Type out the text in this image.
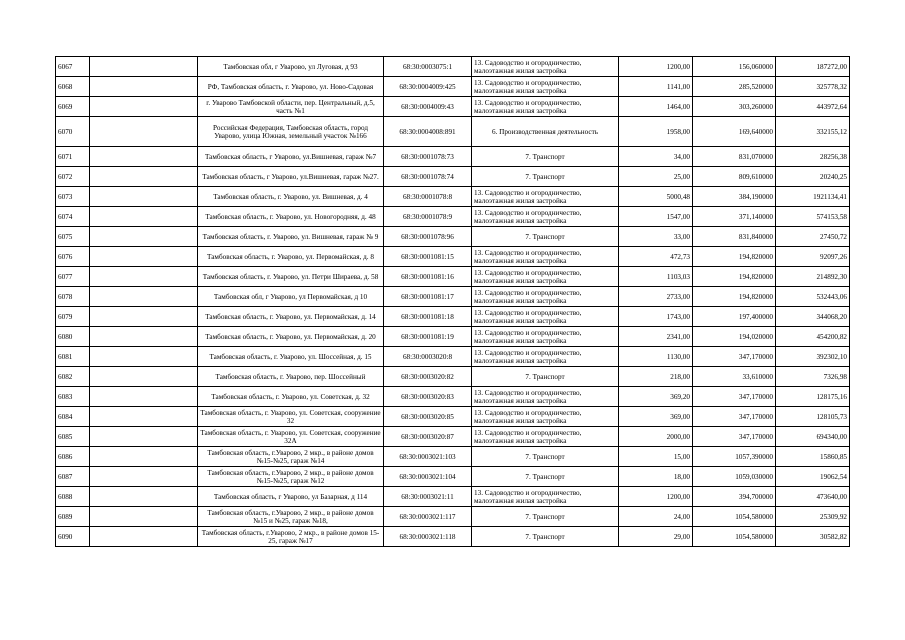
6067		Тамбовская обл, г Уварово, ул Луговая, д 93	68:30:0003075:1	13. Садоводство и огородничество, малоэтажная жилая застройка	1200,00	156,060000	187272,00
6068		РФ, Тамбовская область, г. Уварово, ул. Ново-Садовая	68:30:0004009:425	13. Садоводство и огородничество, малоэтажная жилая застройка	1141,00	285,520000	325778,32
6069		г. Уварово Тамбовской области, пер. Центральный, д.5, часть №1	68:30:0004009:43	13. Садоводство и огородничество, малоэтажная жилая застройка	1464,00	303,260000	443972,64
6070		Российская Федерация, Тамбовская область, город Уварово, улица Южная, земельный участок №166	68:30:0004008:891	6. Производственная деятельность	1958,00	169,640000	332155,12
6071		Тамбовская область, г Уварово, ул.Вишневая, гараж №7	68:30:0001078:73	7. Транспорт	34,00	831,070000	28256,38
6072		Тамбовская область, г Уварово, ул.Вишневая, гараж №27.	68:30:0001078:74	7. Транспорт	25,00	809,610000	20240,25
6073		Тамбовская область, г. Уварово, ул. Вишневая, д. 4	68:30:0001078:8	13. Садоводство и огородничество, малоэтажная жилая застройка	5000,48	384,190000	1921134,41
6074		Тамбовская область, г. Уварово, ул. Новогородняя, д. 48	68:30:0001078:9	13. Садоводство и огородничество, малоэтажная жилая застройка	1547,00	371,140000	574153,58
6075		Тамбовская область, г. Уварово, ул. Вишневая, гараж № 9	68:30:0001078:96	7. Транспорт	33,00	831,840000	27450,72
6076		Тамбовская область, г. Уварово, ул. Первомайская, д. 8	68:30:0001081:15	13. Садоводство и огородничество, малоэтажная жилая застройка	472,73	194,820000	92097,26
6077		Тамбовская область, г. Уварово, ул. Петри Шираева, д. 58	68:30:0001081:16	13. Садоводство и огородничество, малоэтажная жилая застройка	1103,03	194,820000	214892,30
6078		Тамбовская обл, г Уварово, ул Первомайская, д 10	68:30:0001081:17	13. Садоводство и огородничество, малоэтажная жилая застройка	2733,00	194,820000	532443,06
6079		Тамбовская область, г. Уварово, ул. Первомайская, д. 14	68:30:0001081:18	13. Садоводство и огородничество, малоэтажная жилая застройка	1743,00	197,400000	344068,20
6080		Тамбовская область, г. Уварово, ул. Первомайская, д. 20	68:30:0001081:19	13. Садоводство и огородничество, малоэтажная жилая застройка	2341,00	194,020000	454200,82
6081		Тамбовская область, г. Уварово, ул. Шоссейная, д. 15	68:30:0003020:8	13. Садоводство и огородничество, малоэтажная жилая застройка	1130,00	347,170000	392302,10
6082		Тамбовская область, г. Уварово, пер. Шоссейный	68:30:0003020:82	7. Транспорт	218,00	33,610000	7326,98
6083		Тамбовская область, г. Уварово, ул. Советская, д. 32	68:30:0003020:83	13. Садоводство и огородничество, малоэтажная жилая застройка	369,20	347,170000	128175,16
6084		Тамбовская область, г. Уварово, ул. Советская, сооружение 32	68:30:0003020:85	13. Садоводство и огородничество, малоэтажная жилая застройка	369,00	347,170000	128105,73
6085		Тамбовская область, г. Уварово, ул. Советская, сооружение 32А	68:30:0003020:87	13. Садоводство и огородничество, малоэтажная жилая застройка	2000,00	347,170000	694340,00
6086		Тамбовская область, г.Уварово, 2 мкр., в районе домов №15-№25, гараж №14	68:30:0003021:103	7. Транспорт	15,00	1057,390000	15860,85
6087		Тамбовская область, г.Уварово, 2 мкр., в районе домов №15-№25, гараж №12	68:30:0003021:104	7. Транспорт	18,00	1059,030000	19062,54
6088		Тамбовская область, г Уварово, ул Базарная, д 114	68:30:0003021:11	13. Садоводство и огородничество, малоэтажная жилая застройка	1200,00	394,700000	473640,00
6089		Тамбовская область, г.Уварово, 2 мкр., в районе домов №15 и №25, гараж №18,	68:30:0003021:117	7. Транспорт	24,00	1054,580000	25309,92
6090		Тамбовская область, г.Уварово, 2 мкр., в районе домов 15-25, гараж №17	68:30:0003021:118	7. Транспорт	29,00	1054,580000	30582,82
